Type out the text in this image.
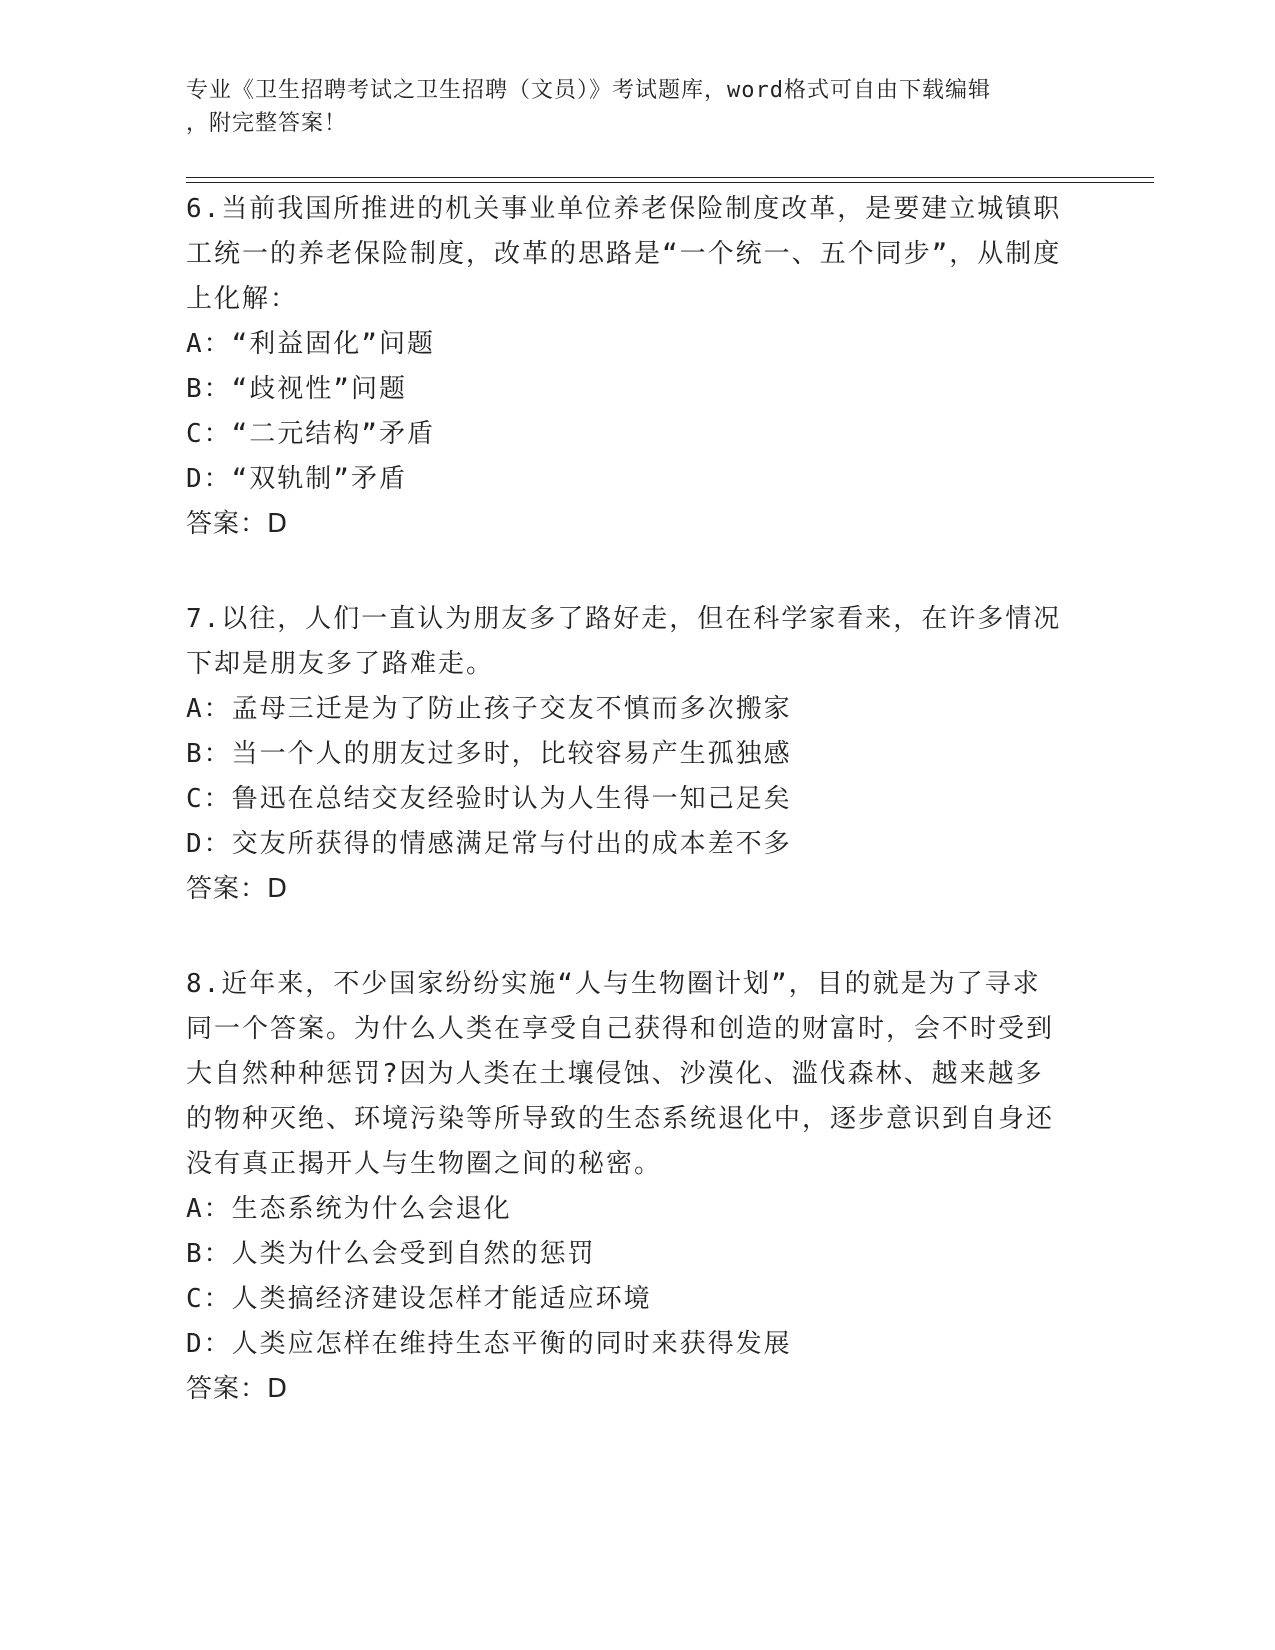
专业《卫生招聘考试之卫生招聘（文员）》考试题库，word格式可自由下载编辑
，附完整答案！

6.当前我国所推进的机关事业单位养老保险制度改革，是要建立城镇职工统一的养老保险制度，改革的思路是“一个统一、五个同步”，从制度上化解：

A：“利益固化”问题

B：“歧视性”问题

C：“二元结构”矛盾

D：“双轨制”矛盾

答案：D

7.以往，人们一直认为朋友多了路好走，但在科学家看来，在许多情况下却是朋友多了路难走。

A：孟母三迁是为了防止孩子交友不慎而多次搬家

B：当一个人的朋友过多时，比较容易产生孤独感

C：鲁迅在总结交友经验时认为人生得一知己足矣

D：交友所获得的情感满足常与付出的成本差不多

答案：D

8.近年来，不少国家纷纷实施“人与生物圈计划”，目的就是为了寻求同一个答案。为什么人类在享受自己获得和创造的财富时，会不时受到大自然种种惩罚?因为人类在土壤侵蚀、沙漠化、滥伐森林、越来越多的物种灭绝、环境污染等所导致的生态系统退化中，逐步意识到自身还没有真正揭开人与生物圈之间的秘密。

A：生态系统为什么会退化

B：人类为什么会受到自然的惩罚

C：人类搞经济建设怎样才能适应环境

D：人类应怎样在维持生态平衡的同时来获得发展

答案：D
